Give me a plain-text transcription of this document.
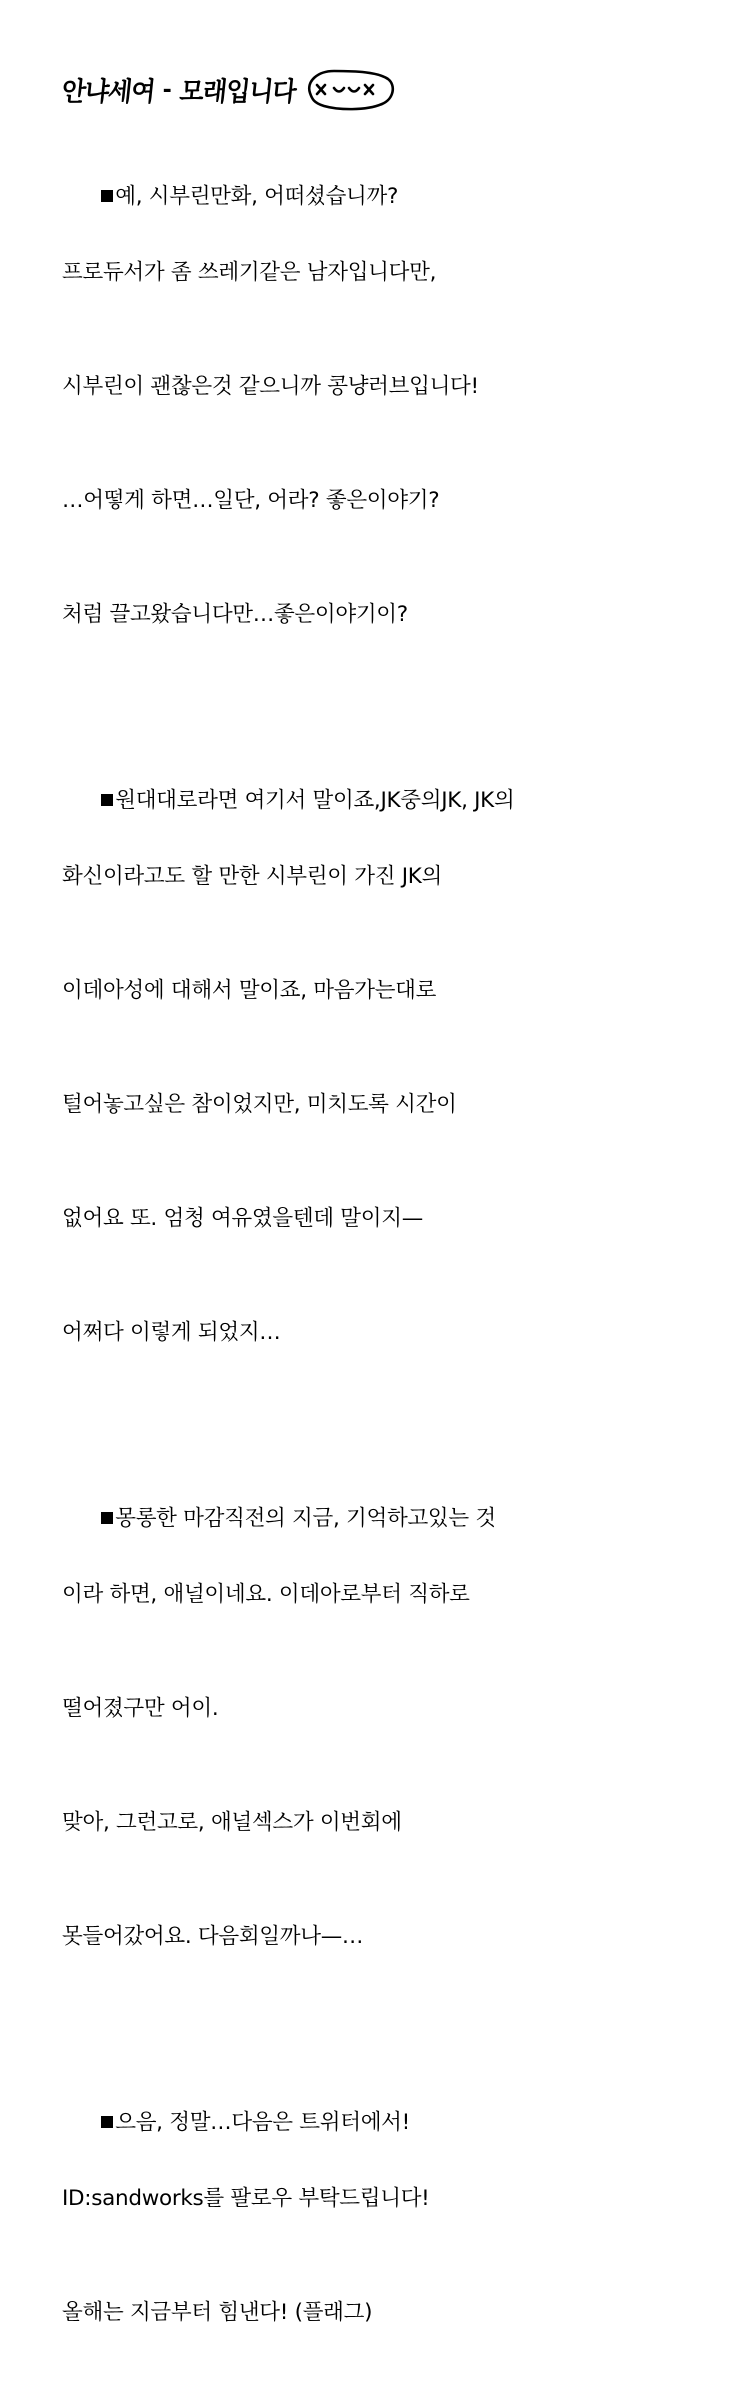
안냐세여 - 모래입니다

예, 시부린만화, 어떠셨습니까?

프로듀서가 좀 쓰레기같은 남자입니다만,

시부린이 괜찮은것 같으니까 콩냥러브입니다!

…어떻게 하면…일단, 어라? 좋은이야기?

처럼 끌고왔습니다만…좋은이야기이?

원대대로라면 여기서 말이죠,JK중의JK, JK의

화신이라고도 할 만한 시부린이 가진 JK의

이데아성에 대해서 말이죠, 마음가는대로

털어놓고싶은 참이었지만, 미치도록 시간이

없어요 또. 엄청 여유였을텐데 말이지—

어쩌다 이렇게 되었지…

몽롱한 마감직전의 지금, 기억하고있는 것

이라 하면, 애널이네요. 이데아로부터 직하로

떨어졌구만 어이.

맞아, 그런고로, 애널섹스가 이번회에

못들어갔어요. 다음회일까나—…

으음, 정말…다음은 트위터에서!

ID:sandworks를 팔로우 부탁드립니다!

올해는 지금부터 힘낸다! (플래그)
